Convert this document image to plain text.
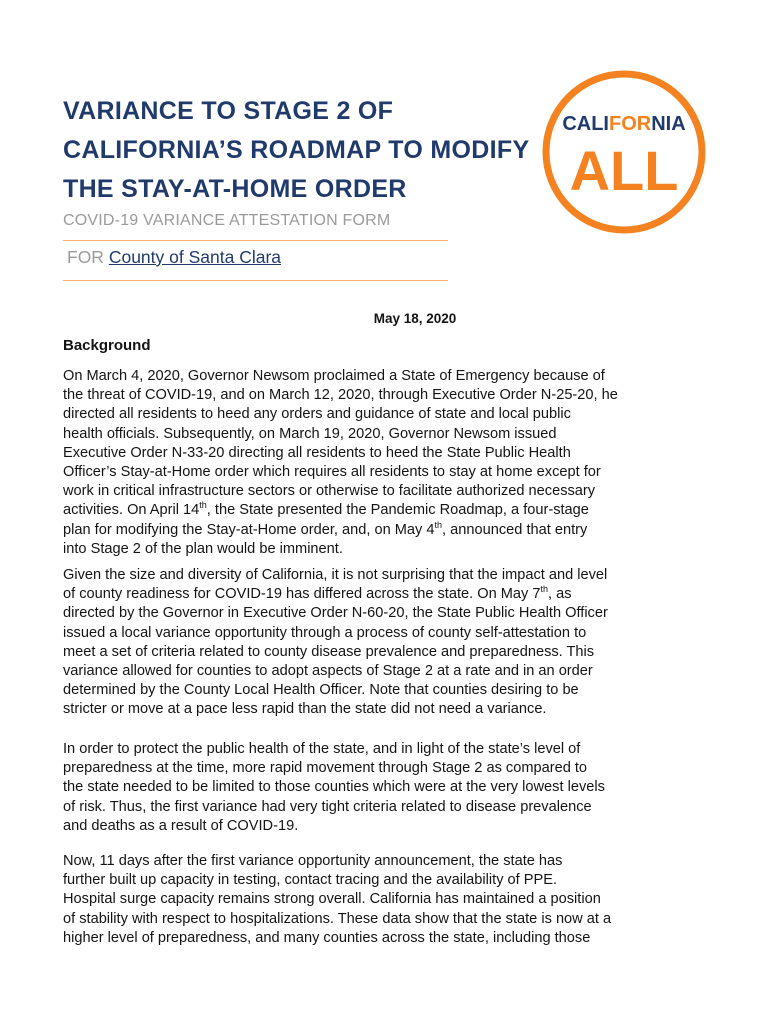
VARIANCE TO STAGE 2 OF
CALIFORNIA’S ROADMAP TO MODIFY
THE STAY-AT-HOME ORDER
COVID-19 VARIANCE ATTESTATION FORM
FOR County of Santa Clara
CALIFORNIA
ALL
May 18, 2020
Background
On March 4, 2020, Governor Newsom proclaimed a State of Emergency because of
the threat of COVID-19, and on March 12, 2020, through Executive Order N-25-20, he
directed all residents to heed any orders and guidance of state and local public
health officials. Subsequently, on March 19, 2020, Governor Newsom issued
Executive Order N-33-20 directing all residents to heed the State Public Health
Officer’s Stay-at-Home order which requires all residents to stay at home except for
work in critical infrastructure sectors or otherwise to facilitate authorized necessary
activities. On April 14th, the State presented the Pandemic Roadmap, a four-stage
plan for modifying the Stay-at-Home order, and, on May 4th, announced that entry
into Stage 2 of the plan would be imminent.
Given the size and diversity of California, it is not surprising that the impact and level
of county readiness for COVID-19 has differed across the state. On May 7th, as
directed by the Governor in Executive Order N-60-20, the State Public Health Officer
issued a local variance opportunity through a process of county self-attestation to
meet a set of criteria related to county disease prevalence and preparedness. This
variance allowed for counties to adopt aspects of Stage 2 at a rate and in an order
determined by the County Local Health Officer. Note that counties desiring to be
stricter or move at a pace less rapid than the state did not need a variance.
In order to protect the public health of the state, and in light of the state’s level of
preparedness at the time, more rapid movement through Stage 2 as compared to
the state needed to be limited to those counties which were at the very lowest levels
of risk. Thus, the first variance had very tight criteria related to disease prevalence
and deaths as a result of COVID-19.
Now, 11 days after the first variance opportunity announcement, the state has
further built up capacity in testing, contact tracing and the availability of PPE.
Hospital surge capacity remains strong overall. California has maintained a position
of stability with respect to hospitalizations. These data show that the state is now at a
higher level of preparedness, and many counties across the state, including those
